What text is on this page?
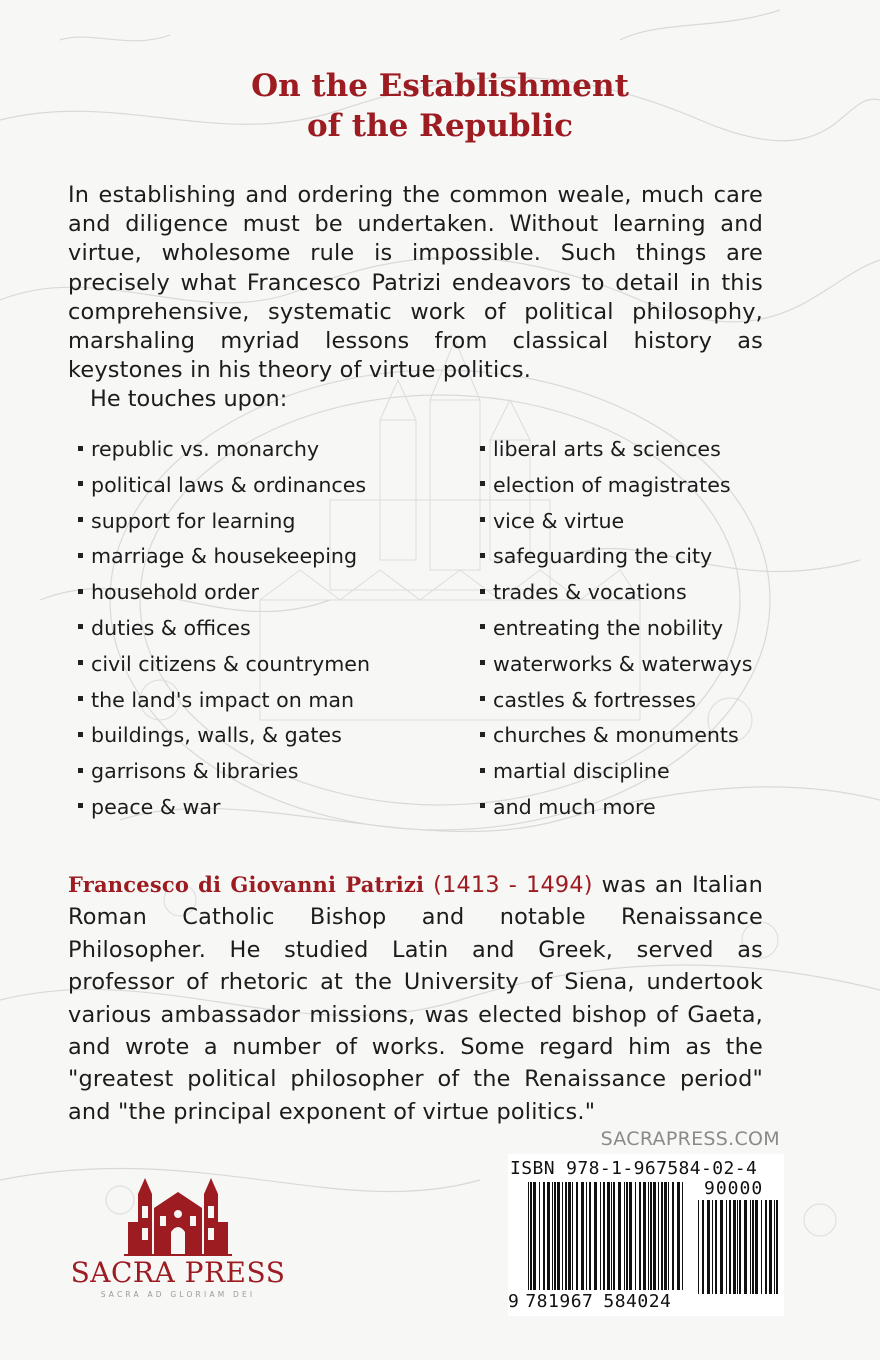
On the Establishment
of the Republic

In establishing and ordering the common weale, much care and diligence must be undertaken. Without learning and virtue, wholesome rule is impossible. Such things are precisely what Francesco Patrizi endeavors to detail in this comprehensive, systematic work of political philosophy, marshaling myriad lessons from classical history as keystones in his theory of virtue politics.

He touches upon:

republic vs. monarchy
political laws & ordinances
support for learning
marriage & housekeeping
household order
duties & offices
civil citizens & countrymen
the land's impact on man
buildings, walls, & gates
garrisons & libraries
peace & war
liberal arts & sciences
election of magistrates
vice & virtue
safeguarding the city
trades & vocations
entreating the nobility
waterworks & waterways
castles & fortresses
churches & monuments
martial discipline
and much more

Francesco di Giovanni Patrizi (1413 - 1494) was an Italian Roman Catholic Bishop and notable Renaissance Philosopher. He studied Latin and Greek, served as professor of rhetoric at the University of Siena, undertook various ambassador missions, was elected bishop of Gaeta, and wrote a number of works. Some regard him as the "greatest political philosopher of the Renaissance period" and "the principal exponent of virtue politics."

SACRAPRESS.COM
ISBN 978-1-967584-02-4
90000
9 781967 584024
SACRA PRESS
SACRA AD GLORIAM DEI
